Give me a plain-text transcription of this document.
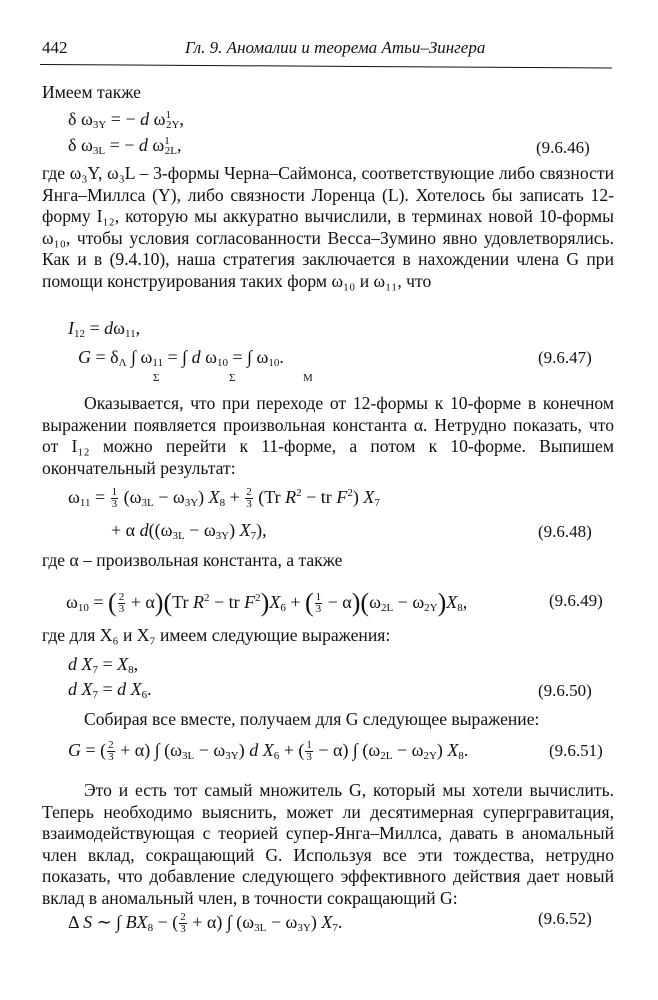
442	Гл. 9. Аномалии и теорема Атьи–Зингера
Имеем также
δ $\omega_{3Y}$ = − d $\omega^1_{2Y}$,
δ $\omega_{3L}$ = − d $\omega^1_{2L}$,	(9.6.46)
где ω₃Y, ω₃L – 3-формы Черна–Саймонса, соответствующие либо связности Янга–Миллса (Y), либо связности Лоренца (L). Хотелось бы записать 12-форму I₁₂, которую мы аккуратно вычислили, в терминах новой 10-формы ω₁₀, чтобы условия согласованности Весса–Зумино явно удовлетворялись. Как и в (9.4.10), наша стратегия заключается в нахождении члена G при помощи конструирования таких форм ω₁₀ и ω₁₁, что
$I_{12} = d\omega_{11}$,
$G = \delta_\Lambda$ ∫ $\omega_{11}$ = ∫ d $\omega_{10}$ = ∫ $\omega_{10}$.
Σ	Σ	M
(9.6.47)
Оказывается, что при переходе от 12-формы к 10-форме в конечном выражении появляется произвольная константа α. Нетрудно показать, что от I₁₂ можно перейти к 11-форме, а потом к 10-форме. Выпишем окончательный результат:
$\omega_{11} = \frac{1}{3} (\omega_{3L} - \omega_{3Y}) X_8 + \frac{2}{3} (Tr$ $R^2$ − tr $F^2$) $X_7$
+ α $d((\omega_{3L} - \omega_{3Y})$ $X_7$),	(9.6.48)
где α – произвольная константа, а также
$\omega_{10}$ = ( $\frac{2}{3} + \alpha)(Tr$ $R^2$ − tr $F^2)X_6$ + ( $\frac{1}{3} - \alpha)(\omega_{2L} - \omega_{2Y})X_8$,	(9.6.49)
где для X₆ и X₇ имеем следующие выражения:
d $X_7 = X_8$,
d $X_7 = d$ $X_6$.	(9.6.50)
Собирая все вместе, получаем для G следующее выражение:
G = ( $\frac{2}{3} + \alpha$) ∫ $(\omega_{3L} - \omega_{3Y})$ d $X_6$ + ( $\frac{1}{3} - \alpha$) ∫ $(\omega_{2L} - \omega_{2Y})$ $X_8$.	(9.6.51)
Это и есть тот самый множитель G, который мы хотели вычислить. Теперь необходимо выяснить, может ли десятимерная супергравитация, взаимодействующая с теорией супер-Янга–Миллса, давать в аномальный член вклад, сокращающий G. Используя все эти тождества, нетрудно показать, что добавление следующего эффективного действия дает новый вклад в аномальный член, в точности сокращающий G:
Δ S ∼ ∫ $BX_8$ − ( $\frac{2}{3} + \alpha$) ∫ $(\omega_{3L} - \omega_{3Y})$ $X_7$.	(9.6.52)
